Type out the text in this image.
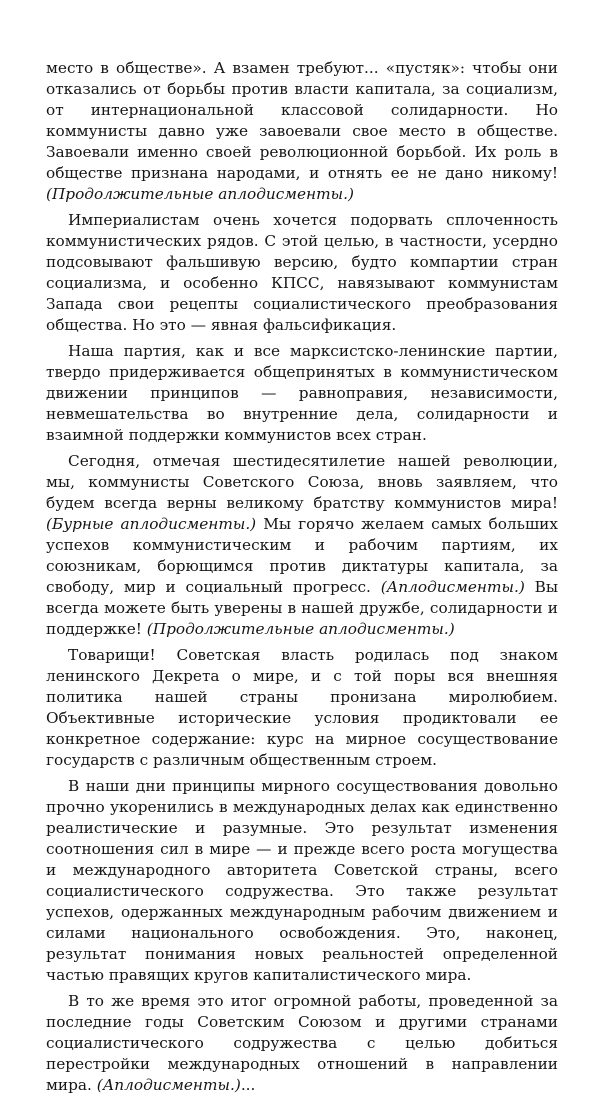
место в обществе». А взамен требуют... «пустяк»: чтобы они отказались от борьбы против власти капитала, за социализм, от интернациональной классовой солидарности. Но коммунисты давно уже завоевали свое место в обществе. Завоевали именно своей революционной борьбой. Их роль в обществе признана народами, и отнять ее не дано никому! (Продолжительные аплодисменты.)

Империалистам очень хочется подорвать сплоченность коммунистических рядов. С этой целью, в частности, усердно подсовывают фальшивую версию, будто компартии стран социализма, и особенно КПСС, навязывают коммунистам Запада свои рецепты социалистического преобразования общества. Но это — явная фальсификация.

Наша партия, как и все марксистско-ленинские партии, твердо придерживается общепринятых в коммунистическом движении принципов — равноправия, независимости, невмешательства во внутренние дела, солидарности и взаимной поддержки коммунистов всех стран.

Сегодня, отмечая шестидесятилетие нашей революции, мы, коммунисты Советского Союза, вновь заявляем, что будем всегда верны великому братству коммунистов мира! (Бурные аплодисменты.) Мы горячо желаем самых больших успехов коммунистическим и рабочим партиям, их союзникам, борющимся против диктатуры капитала, за свободу, мир и социальный прогресс. (Аплодисменты.) Вы всегда можете быть уверены в нашей дружбе, солидарности и поддержке! (Продолжительные аплодисменты.)

Товарищи! Советская власть родилась под знаком ленинского Декрета о мире, и с той поры вся внешняя политика нашей страны пронизана миролюбием. Объективные исторические условия продиктовали ее конкретное содержание: курс на мирное сосуществование государств с различным общественным строем.

В наши дни принципы мирного сосуществования довольно прочно укоренились в международных делах как единственно реалистические и разумные. Это результат изменения соотношения сил в мире — и прежде всего роста могущества и международного авторитета Советской страны, всего социалистического содружества. Это также результат успехов, одержанных международным рабочим движением и силами национального освобождения. Это, наконец, результат понимания новых реальностей определенной частью правящих кругов капиталистического мира.

В то же время это итог огромной работы, проведенной за последние годы Советским Союзом и другими странами социалистического содружества с целью добиться перестройки международных отношений в направлении мира. (Аплодисменты.)...
